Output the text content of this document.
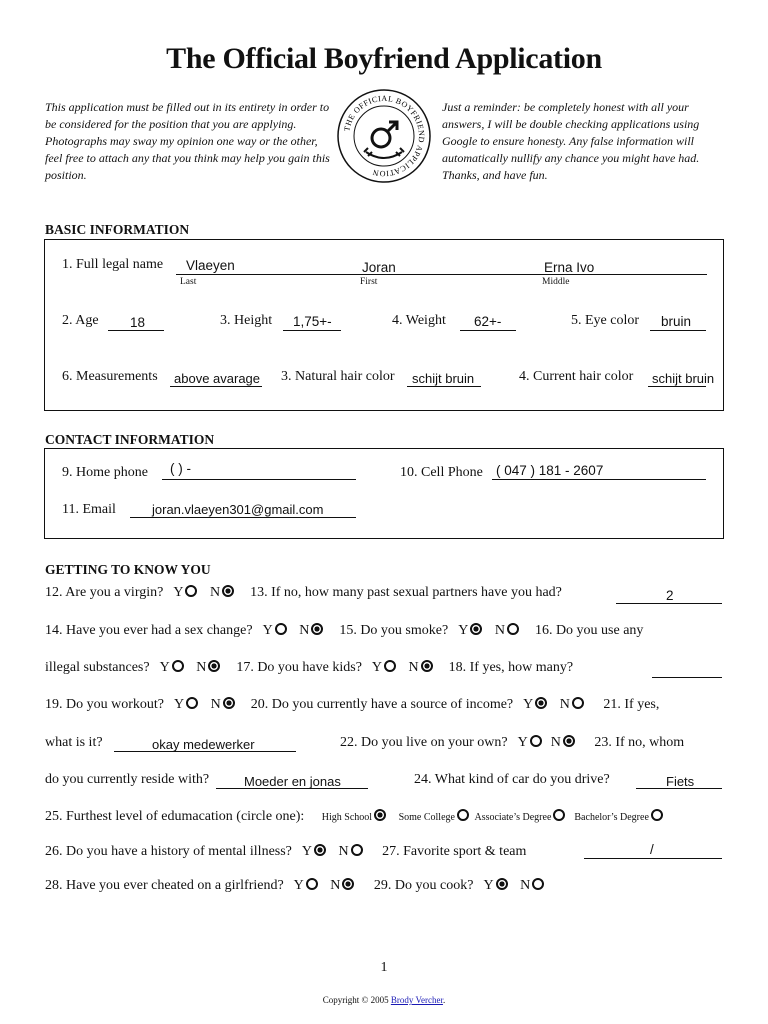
The Official Boyfriend Application
This application must be filled out in its entirety in order to be considered for the position that you are applying. Photographs may sway my opinion one way or the other, feel free to attach any that you think may help you gain this position.
THE OFFICIAL BOYFRIEND APPLICATION
Just a reminder: be completely honest with all your answers, I will be double checking applications using Google to ensure honesty. Any false information will automatically nullify any chance you might have had. Thanks, and have fun.
BASIC INFORMATION
1. Full legal name Vlaeyen	Joran	Erna Ivo
Last	First	Middle
2. Age 18	3. Height 1,75+-	4. Weight 62+-	5. Eye color bruin
6. Measurements above avarage 3. Natural hair color schijt bruin	4. Current hair color schijt bruin
CONTACT INFORMATION
9. Home phone ( ) -	10. Cell Phone ( 047 ) 181 - 2607
11. Email	joran.vlaeyen301@gmail.com
GETTING TO KNOW YOU
12. Are you a virgin? Y N 13. If no, how many past sexual partners have you had?	2
14. Have you ever had a sex change? Y N 15. Do you smoke? Y N 16. Do you use any
illegal substances? Y N 17. Do you have kids? Y N 18. If yes, how many?
19. Do you workout? Y N 20. Do you currently have a source of income? Y N 21. If yes,
what is it?	okay medewerker	22. Do you live on your own? Y N 23. If no, whom
do you currently reside with?	Moeder en jonas	24. What kind of car do you drive?	Fiets
25. Furthest level of edumacation (circle one): High School	Some College Associate’s Degree Bachelor’s Degree
26. Do you have a history of mental illness? Y N 27. Favorite sport & team	/
28. Have you ever cheated on a girlfriend? Y N 29. Do you cook? Y N
1
Copyright © 2005 Brody Vercher.
